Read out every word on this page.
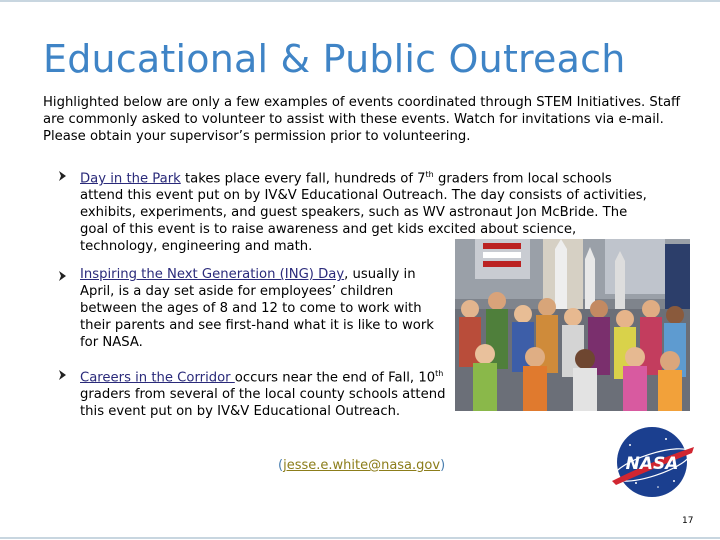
Educational & Public Outreach
Highlighted below are only a few examples of events coordinated through STEM Initiatives. Staff are commonly asked to volunteer to assist with these events. Watch for invitations via e-mail. Please obtain your supervisor’s permission prior to volunteering.
Day in the Park takes place every fall, hundreds of 7th graders from local schools
attend this event put on by IV&V Educational Outreach. The day consists of activities,
exhibits, experiments, and guest speakers, such as WV astronaut Jon McBride. The
goal of this event is to raise awareness and get kids excited about science,
technology, engineering and math.
Inspiring the Next Generation (ING) Day, usually in
April, is a day set aside for employees’ children
between the ages of 8 and 12 to come to work with
their parents and see first-hand what it is like to work
for NASA.
Careers in the Corridor occurs near the end of Fall, 10th
graders from several of the local county schools attend
this event put on by IV&V Educational Outreach.
(jesse.e.white@nasa.gov)	NASA
17
